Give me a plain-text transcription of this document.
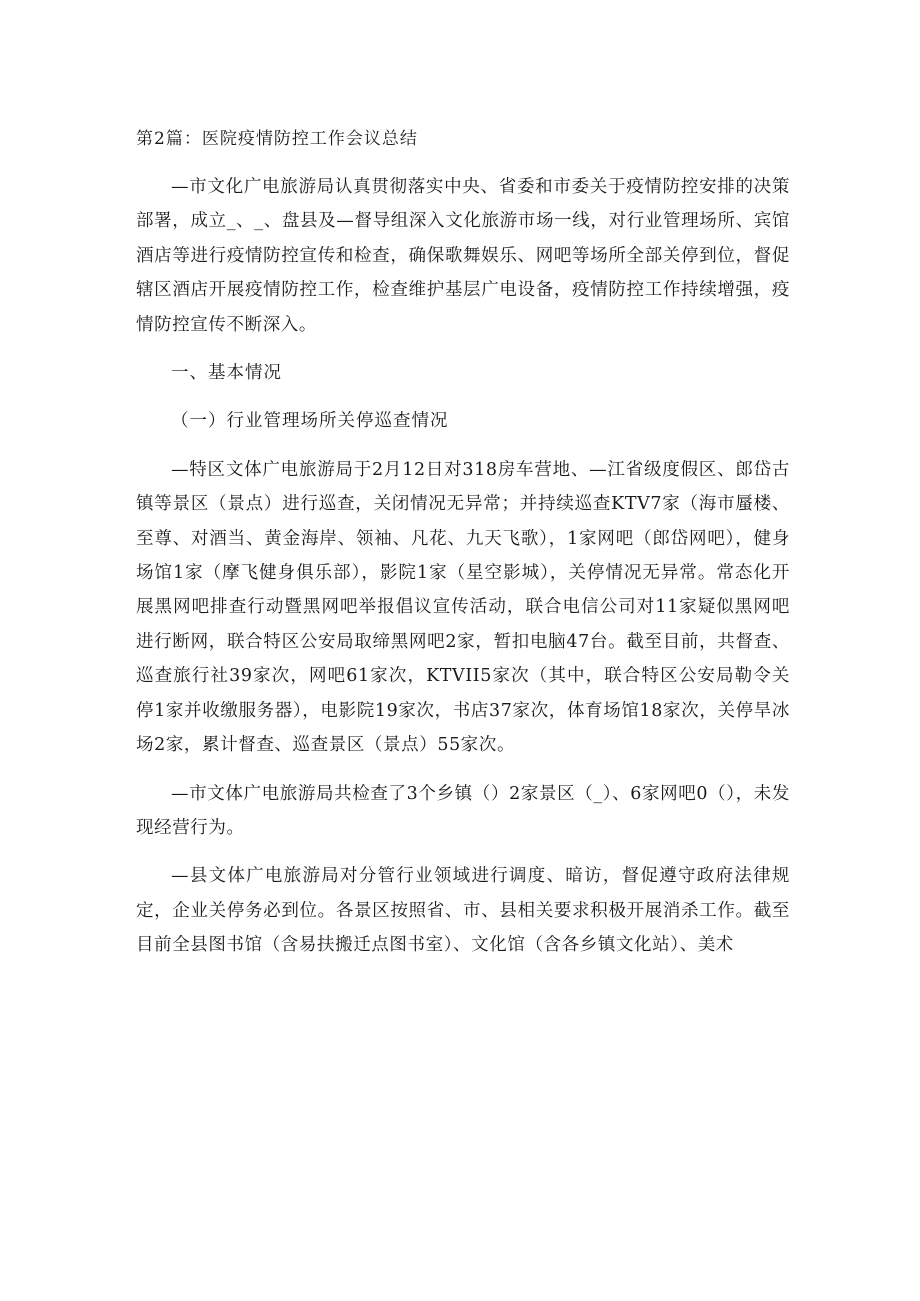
第2篇：医院疫情防控工作会议总结

—市文化广电旅游局认真贯彻落实中央、省委和市委关于疫情防控安排的决策部署，成立_、_、盘县及—督导组深入文化旅游市场一线，对行业管理场所、宾馆酒店等进行疫情防控宣传和检查，确保歌舞娱乐、网吧等场所全部关停到位，督促辖区酒店开展疫情防控工作，检查维护基层广电设备，疫情防控工作持续增强，疫情防控宣传不断深入。

一、基本情况
（一）行业管理场所关停巡查情况

—特区文体广电旅游局于2月12日对318房车营地、—江省级度假区、郎岱古镇等景区（景点）进行巡查，关闭情况无异常；并持续巡查KTV7家（海市蜃楼、至尊、对酒当、黄金海岸、领袖、凡花、九天飞歌），1家网吧（郎岱网吧），健身场馆1家（摩飞健身俱乐部），影院1家（星空影城），关停情况无异常。常态化开展黑网吧排查行动暨黑网吧举报倡议宣传活动，联合电信公司对11家疑似黑网吧进行断网，联合特区公安局取缔黑网吧2家，暂扣电脑47台。截至目前，共督查、巡查旅行社39家次，网吧61家次，KTVII5家次（其中，联合特区公安局勒令关停1家并收缴服务器），电影院19家次，书店37家次，体育场馆18家次，关停旱冰场2家，累计督查、巡查景区（景点）55家次。

—市文体广电旅游局共检查了3个乡镇（）2家景区（_）、6家网吧0（），未发现经营行为。

—县文体广电旅游局对分管行业领域进行调度、暗访，督促遵守政府法律规定，企业关停务必到位。各景区按照省、市、县相关要求积极开展消杀工作。截至目前全县图书馆（含易扶搬迁点图书室）、文化馆（含各乡镇文化站）、美术
